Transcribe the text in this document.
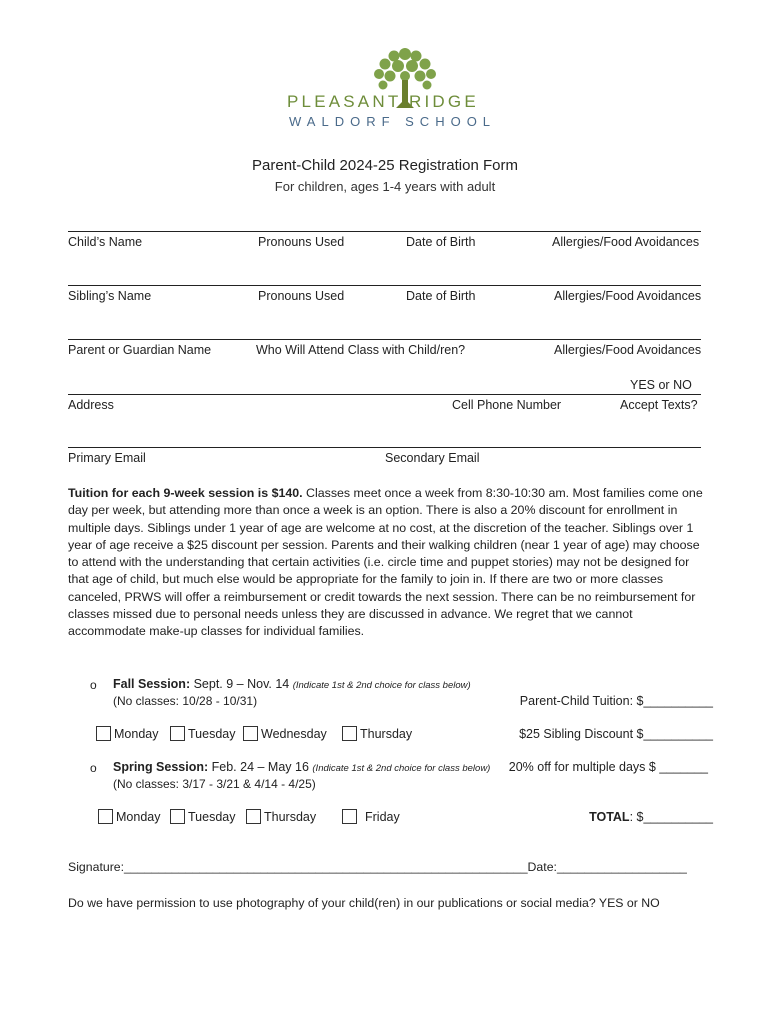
PLEASANT RIDGE
WALDORF SCHOOL
Parent-Child 2024-25 Registration Form
For children, ages 1-4 years with adult
Child’s Name	Pronouns Used	Date of Birth	Allergies/Food Avoidances
Sibling’s Name	Pronouns Used	Date of Birth	Allergies/Food Avoidances
Parent or Guardian Name	Who Will Attend Class with Child/ren?	Allergies/Food Avoidances
YES or NO
Address	Cell Phone Number	Accept Texts?
Primary Email	Secondary Email
Tuition for each 9-week session is $140. Classes meet once a week from 8:30-10:30 am. Most families come one day per week, but attending more than once a week is an option. There is also a 20% discount for enrollment in multiple days. Siblings under 1 year of age are welcome at no cost, at the discretion of the teacher. Siblings over 1 year of age receive a $25 discount per session. Parents and their walking children (near 1 year of age) may choose to attend with the understanding that certain activities (i.e. circle time and puppet stories) may not be designed for that age of child, but much else would be appropriate for the family to join in. If there are two or more classes canceled, PRWS will offer a reimbursement or credit towards the next session. There can be no reimbursement for classes missed due to personal needs unless they are discussed in advance. We regret that we cannot accommodate make-up classes for individual families.
o Fall Session: Sept. 9 – Nov. 14 (Indicate 1st & 2nd choice for class below)
(No classes: 10/28 - 10/31)
Monday Tuesday Wednesday	Thursday
o Spring Session: Feb. 24 – May 16 (Indicate 1st & 2nd choice for class below)
(No classes: 3/17 - 3/21 & 4/14 - 4/25)
Monday Tuesday Thursday	Friday
Parent-Child Tuition: $__________
$25 Sibling Discount $__________
20% off for multiple days $ _______
TOTAL: $__________
Signature:___________________________________________________________Date:___________________
Do we have permission to use photography of your child(ren) in our publications or social media? YES or NO
